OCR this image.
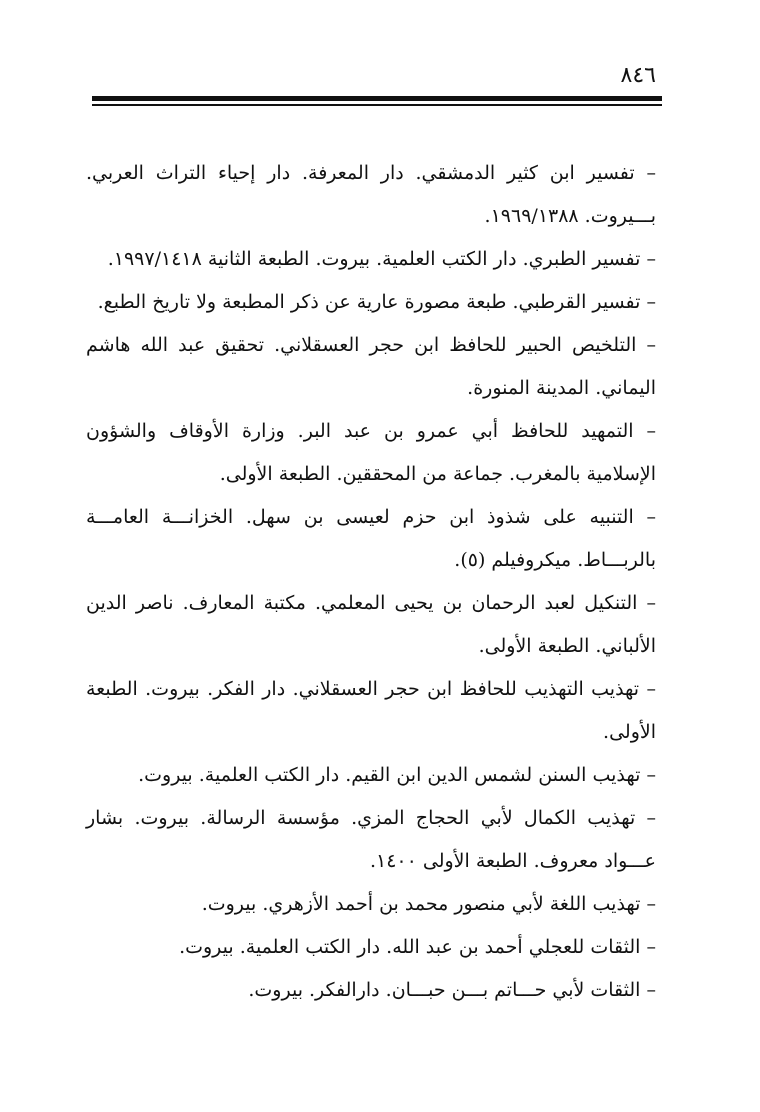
٨٤٦
– تفسير ابن كثير الدمشقي. دار المعرفة. دار إحياء التراث العربي. بـــيروت. ١٩٦٩/١٣٨٨.
– تفسير الطبري. دار الكتب العلمية. بيروت. الطبعة الثانية ١٩٩٧/١٤١٨.
– تفسير القرطبي. طبعة مصورة عارية عن ذكر المطبعة ولا تاريخ الطبع.
– التلخيص الحبير للحافظ ابن حجر العسقلاني. تحقيق عبد الله هاشم اليماني. المدينة المنورة.
– التمهيد للحافظ أبي عمرو بن عبد البر. وزارة الأوقاف والشؤون الإسلامية بالمغرب. جماعة من المحققين. الطبعة الأولى.
– التنبيه على شذوذ ابن حزم لعيسى بن سهل. الخزانـــة العامـــة بالربـــاط. ميكروفيلم (٥).
– التنكيل لعبد الرحمان بن يحيى المعلمي. مكتبة المعارف. ناصر الدين الألباني. الطبعة الأولى.
– تهذيب التهذيب للحافظ ابن حجر العسقلاني. دار الفكر. بيروت. الطبعة الأولى.
– تهذيب السنن لشمس الدين ابن القيم. دار الكتب العلمية. بيروت.
– تهذيب الكمال لأبي الحجاج المزي. مؤسسة الرسالة. بيروت. بشار عـــواد معروف. الطبعة الأولى ١٤٠٠.
– تهذيب اللغة لأبي منصور محمد بن أحمد الأزهري. بيروت.
– الثقات للعجلي أحمد بن عبد الله. دار الكتب العلمية. بيروت.
– الثقات لأبي حـــاتم بـــن حبـــان. دارالفكر. بيروت.
